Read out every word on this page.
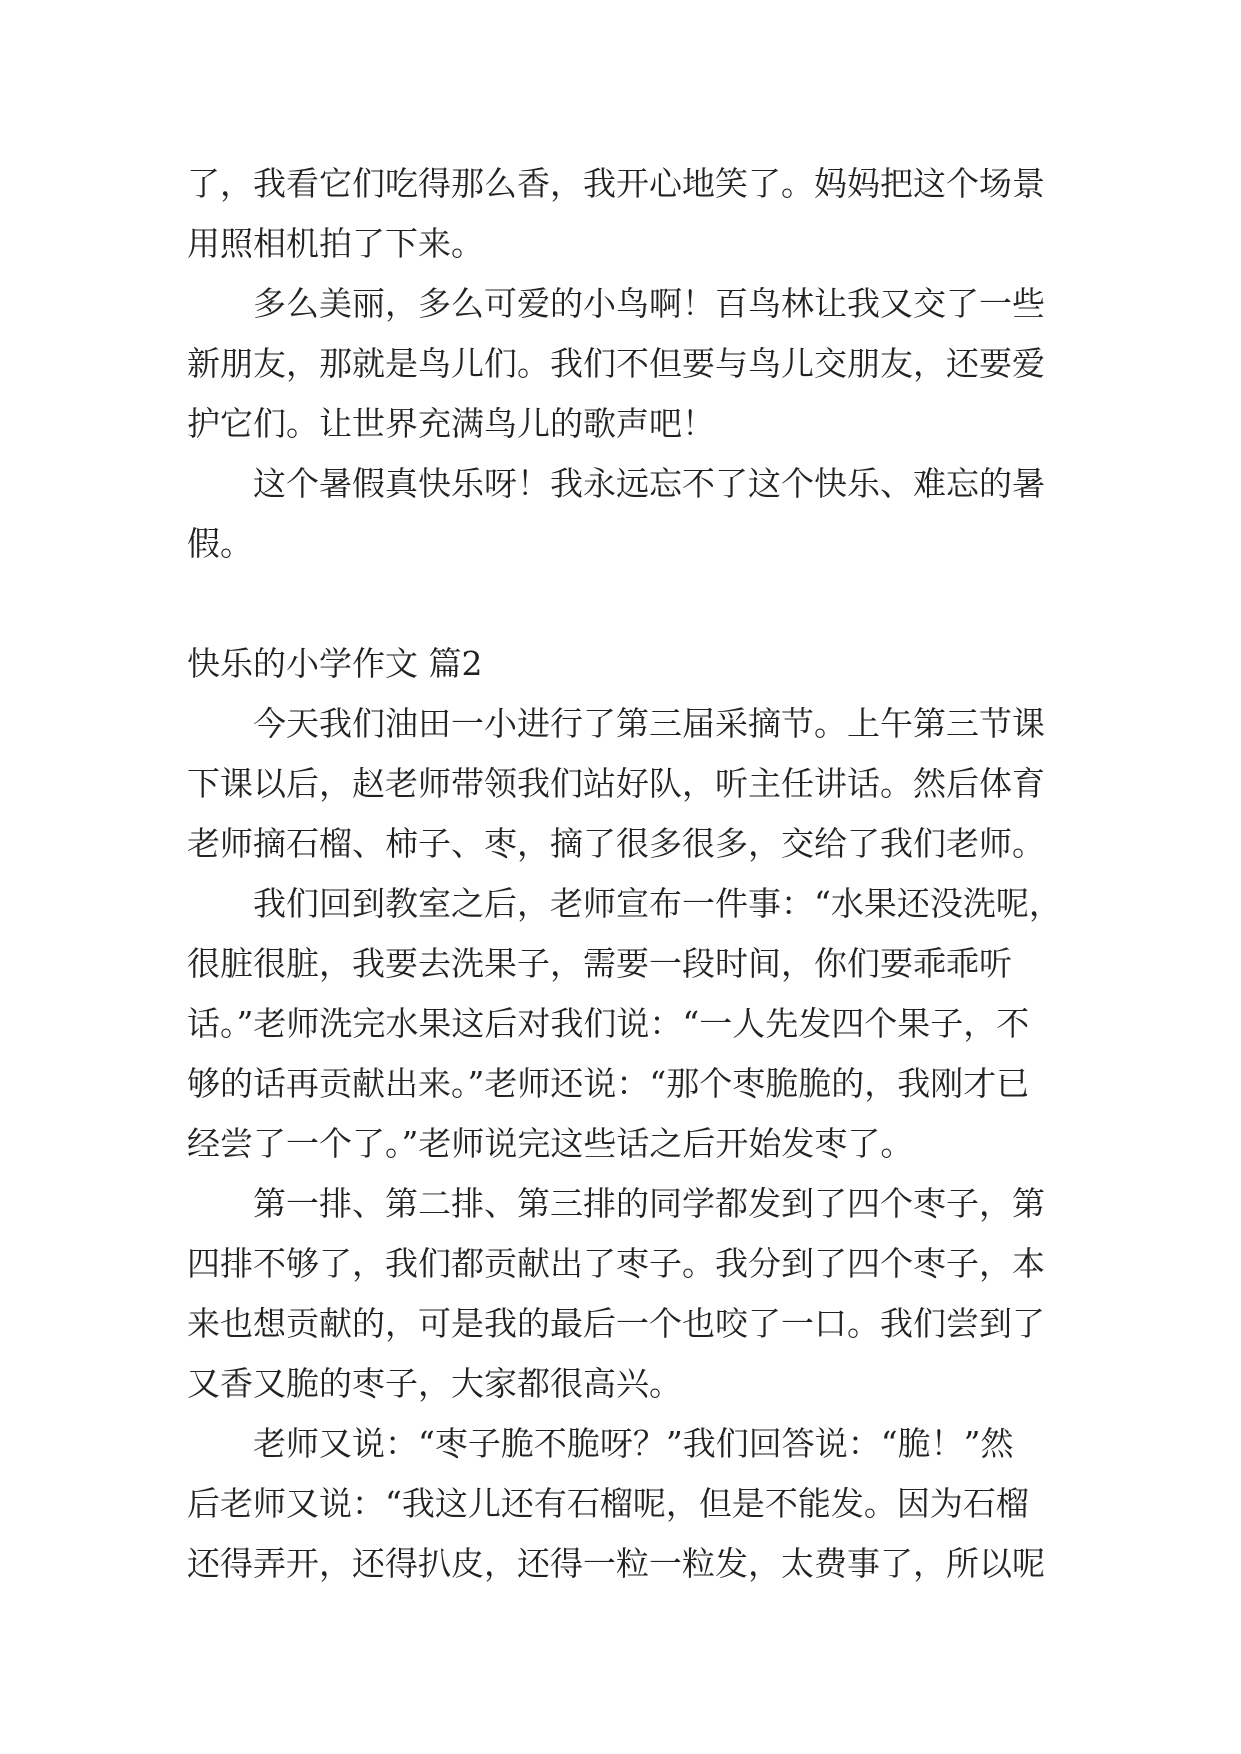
了，我看它们吃得那么香，我开心地笑了。妈妈把这个场景
用照相机拍了下来。
多么美丽，多么可爱的小鸟啊！百鸟林让我又交了一些
新朋友，那就是鸟儿们。我们不但要与鸟儿交朋友，还要爱
护它们。让世界充满鸟儿的歌声吧！
这个暑假真快乐呀！我永远忘不了这个快乐、难忘的暑
假。
快乐的小学作文 篇2
今天我们油田一小进行了第三届采摘节。上午第三节课
下课以后，赵老师带领我们站好队，听主任讲话。然后体育
老师摘石榴、柿子、枣，摘了很多很多，交给了我们老师。
我们回到教室之后，老师宣布一件事：“水果还没洗呢，
很脏很脏，我要去洗果子，需要一段时间，你们要乖乖听
话。”老师洗完水果这后对我们说：“一人先发四个果子，不
够的话再贡献出来。”老师还说：“那个枣脆脆的，我刚才已
经尝了一个了。”老师说完这些话之后开始发枣了。
第一排、第二排、第三排的同学都发到了四个枣子，第
四排不够了，我们都贡献出了枣子。我分到了四个枣子，本
来也想贡献的，可是我的最后一个也咬了一口。我们尝到了
又香又脆的枣子，大家都很高兴。
老师又说：“枣子脆不脆呀？”我们回答说：“脆！”然
后老师又说：“我这儿还有石榴呢，但是不能发。因为石榴
还得弄开，还得扒皮，还得一粒一粒发，太费事了，所以呢
